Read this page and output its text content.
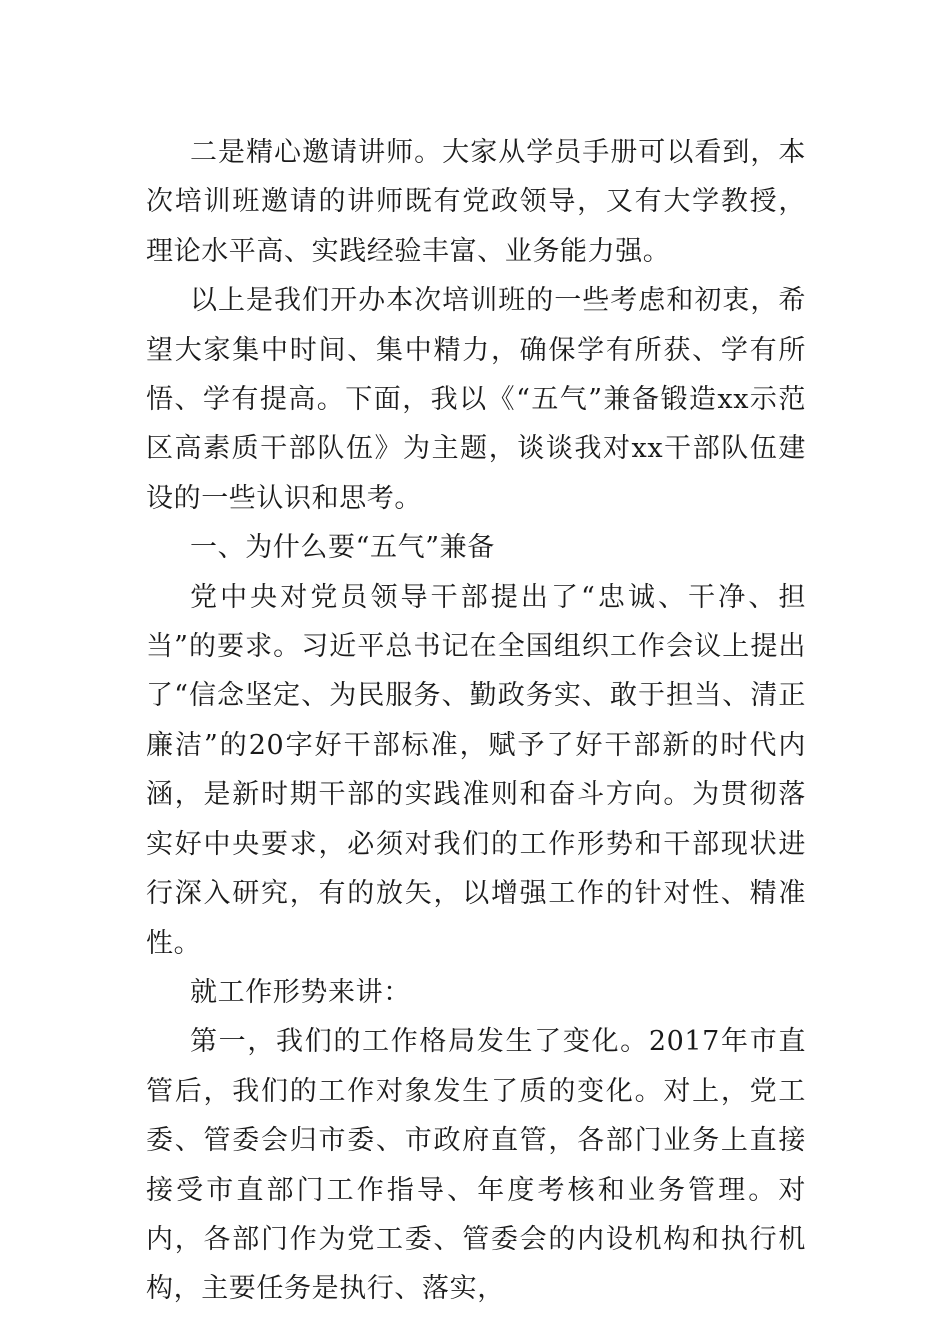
二是精心邀请讲师。大家从学员手册可以看到，本次培训班邀请的讲师既有党政领导，又有大学教授，理论水平高、实践经验丰富、业务能力强。

以上是我们开办本次培训班的一些考虑和初衷，希望大家集中时间、集中精力，确保学有所获、学有所悟、学有提高。下面，我以《“五气”兼备锻造xx示范区高素质干部队伍》为主题，谈谈我对xx干部队伍建设的一些认识和思考。

一、为什么要“五气”兼备

党中央对党员领导干部提出了“忠诚、干净、担当”的要求。习近平总书记在全国组织工作会议上提出了“信念坚定、为民服务、勤政务实、敢于担当、清正廉洁”的20字好干部标准，赋予了好干部新的时代内涵，是新时期干部的实践准则和奋斗方向。为贯彻落实好中央要求，必须对我们的工作形势和干部现状进行深入研究，有的放矢，以增强工作的针对性、精准性。

就工作形势来讲：

第一，我们的工作格局发生了变化。2017年市直管后，我们的工作对象发生了质的变化。对上，党工委、管委会归市委、市政府直管，各部门业务上直接接受市直部门工作指导、年度考核和业务管理。对内，各部门作为党工委、管委会的内设机构和执行机构，主要任务是执行、落实，
